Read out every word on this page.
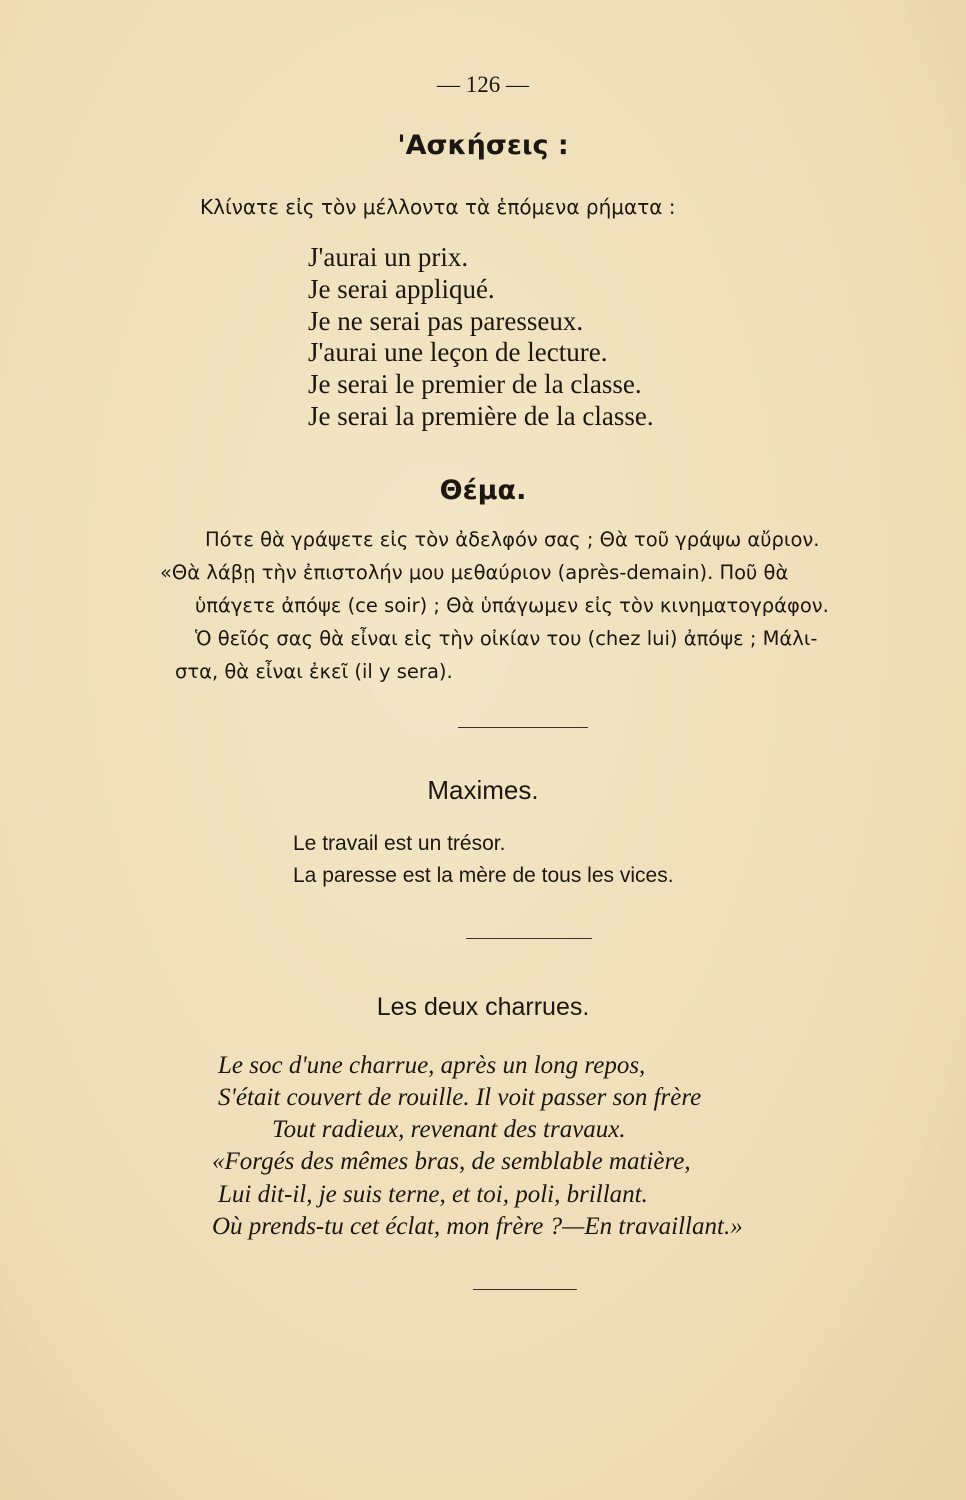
— 126 —
'Ασκήσεις :
Κλίνατε εἰς τὸν μέλλοντα τὰ ἑπόμενα ρήματα :
J'aurai un prix.
Je serai appliqué.
Je ne serai pas paresseux.
J'aurai une leçon de lecture.
Je serai le premier de la classe.
Je serai la première de la classe.
Θέμα.
Πότε θὰ γράψετε εἰς τὸν ἀδελφόν σας ; Θὰ τοῦ γράψω αὔριον.
«Θὰ λάβῃ τὴν ἐπιστολήν μου μεθαύριον (après-demain). Ποῦ θὰ
ὑπάγετε ἀπόψε (ce soir) ; Θὰ ὑπάγωμεν εἰς τὸν κινηματογράφον.
Ὁ θεῖός σας θὰ εἶναι εἰς τὴν οἰκίαν του (chez lui) ἀπόψε ; Μάλι-
στα, θὰ εἶναι ἐκεῖ (il y sera).
Maximes.
Le travail est un trésor.
La paresse est la mère de tous les vices.
Les deux charrues.
Le soc d'une charrue, après un long repos,
S'était couvert de rouille. Il voit passer son frère
Tout radieux, revenant des travaux.
«Forgés des mêmes bras, de semblable matière,
Lui dit-il, je suis terne, et toi, poli, brillant.
Où prends-tu cet éclat, mon frère ?—En travaillant.»
